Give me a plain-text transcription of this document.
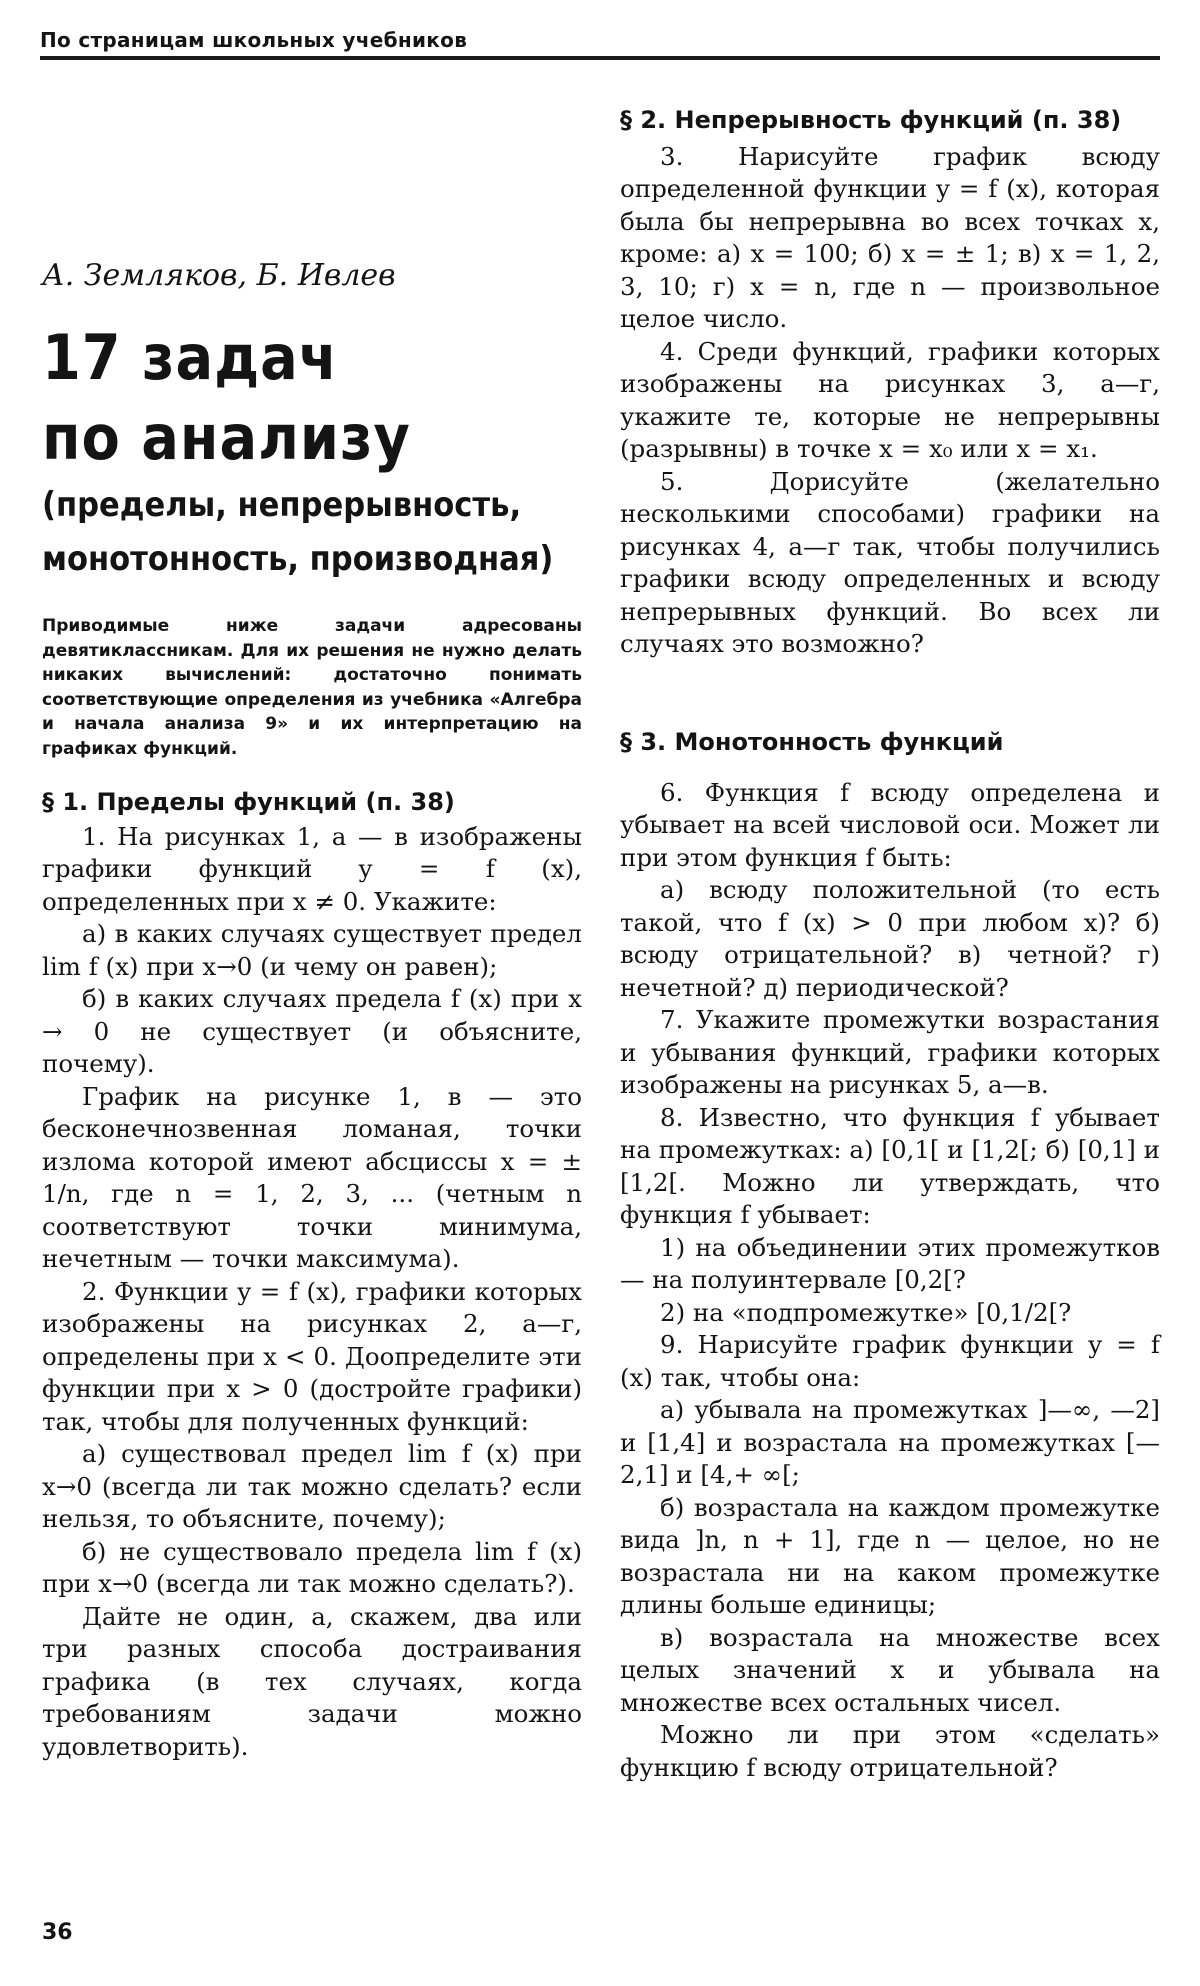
По страницам школьных учебников
А. Земляков, Б. Ивлев
17 задач
по анализу
(пределы, непрерывность,
монотонность, производная)
Приводимые ниже задачи адресованы девятиклассникам. Для их решения не нужно делать никаких вычислений: достаточно понимать соответствующие определения из учебника «Алгебра и начала анализа 9» и их интерпретацию на графиках функций.
§ 1. Пределы функций (п. 38)

1. На рисунках 1, а — в изображены графики функций y = f (x), определенных при x ≠ 0. Укажите:

а) в каких случаях существует предел lim f (x) при x→0 (и чему он равен);

б) в каких случаях предела f (x) при x → 0 не существует (и объясните, почему).

График на рисунке 1, в — это бесконечнозвенная ломаная, точки излома которой имеют абсциссы x = ± 1/n, где n = 1, 2, 3, ... (четным n соответствуют точки минимума, нечетным — точки максимума).

2. Функции y = f (x), графики которых изображены на рисунках 2, а—г, определены при x < 0. Доопределите эти функции при x > 0 (достройте графики) так, чтобы для полученных функций:

а) существовал предел lim f (x) при x→0 (всегда ли так можно сделать? если нельзя, то объясните, почему);

б) не существовало предела lim f (x) при x→0 (всегда ли так можно сделать?).

Дайте не один, а, скажем, два или три разных способа достраивания графика (в тех случаях, когда требованиям задачи можно удовлетворить).

§ 2. Непрерывность функций (п. 38)

3. Нарисуйте график всюду определенной функции y = f (x), которая была бы непрерывна во всех точках x, кроме: а) x = 100; б) x = ± 1; в) x = 1, 2, 3, 10; г) x = n, где n — произвольное целое число.

4. Среди функций, графики которых изображены на рисунках 3, а—г, укажите те, которые не непрерывны (разрывны) в точке x = x₀ или x = x₁.

5. Дорисуйте (желательно несколькими способами) графики на рисунках 4, а—г так, чтобы получились графики всюду определенных и всюду непрерывных функций. Во всех ли случаях это возможно?

§ 3. Монотонность функций

6. Функция f всюду определена и убывает на всей числовой оси. Может ли при этом функция f быть:

а) всюду положительной (то есть такой, что f (x) > 0 при любом x)? б) всюду отрицательной? в) четной? г) нечетной? д) периодической?

7. Укажите промежутки возрастания и убывания функций, графики которых изображены на рисунках 5, а—в.

8. Известно, что функция f убывает на промежутках: а) [0,1[ и [1,2[; б) [0,1] и [1,2[. Можно ли утверждать, что функция f убывает:

1) на объединении этих промежутков — на полуинтервале [0,2[?

2) на «подпромежутке» [0,1/2[?

9. Нарисуйте график функции y = f (x) так, чтобы она:

а) убывала на промежутках ]—∞, —2] и [1,4] и возрастала на промежутках [—2,1] и [4,+ ∞[;

б) возрастала на каждом промежутке вида ]n, n + 1], где n — целое, но не возрастала ни на каком промежутке длины больше единицы;

в) возрастала на множестве всех целых значений x и убывала на множестве всех остальных чисел.

Можно ли при этом «сделать» функцию f всюду отрицательной?

36
